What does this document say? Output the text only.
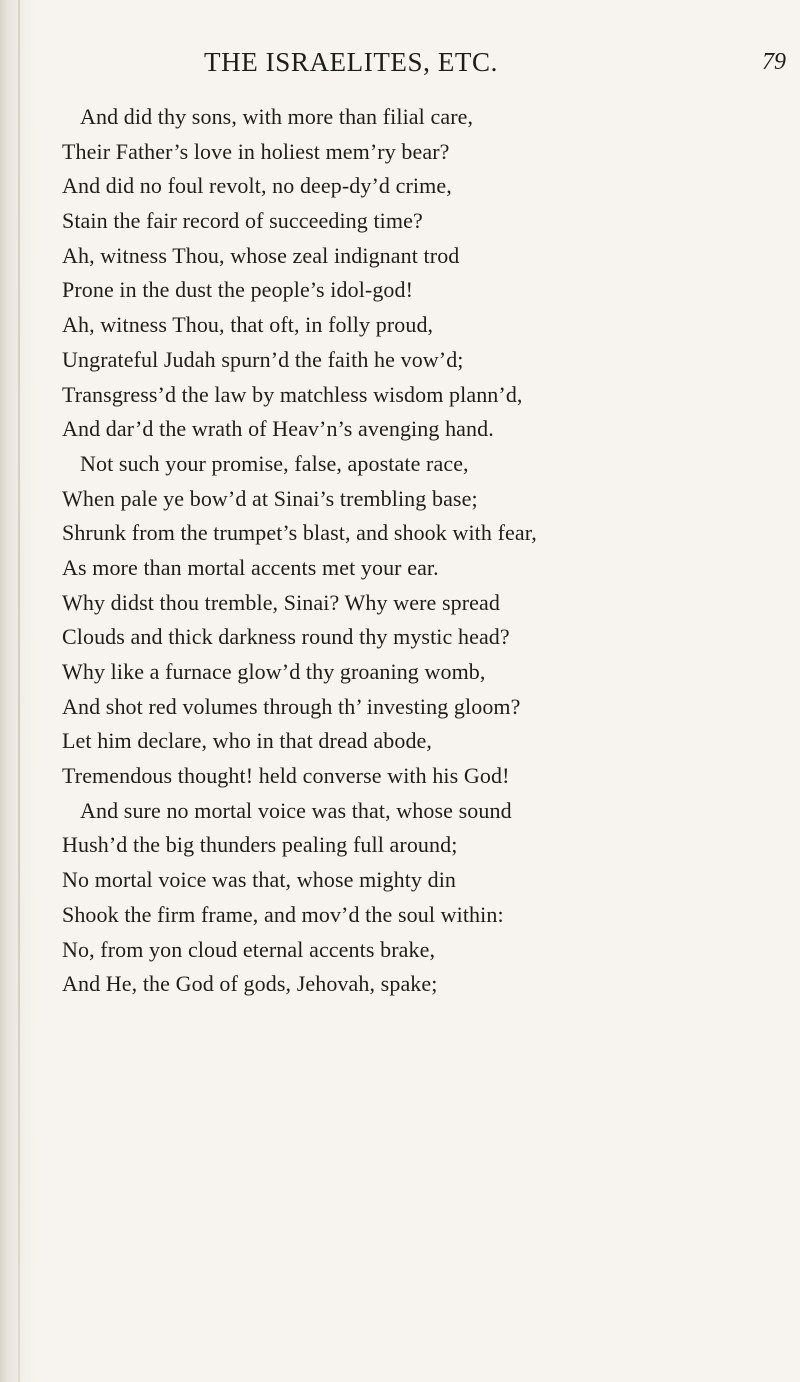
THE ISRAELITES, ETC.	79
And did thy sons, with more than filial care,
Their Father’s love in holiest mem’ry bear?
And did no foul revolt, no deep-dy’d crime,
Stain the fair record of succeeding time?
Ah, witness Thou, whose zeal indignant trod
Prone in the dust the people’s idol-god!
Ah, witness Thou, that oft, in folly proud,
Ungrateful Judah spurn’d the faith he vow’d;
Transgress’d the law by matchless wisdom plann’d,
And dar’d the wrath of Heav’n’s avenging hand.
Not such your promise, false, apostate race,
When pale ye bow’d at Sinai’s trembling base;
Shrunk from the trumpet’s blast, and shook with fear,
As more than mortal accents met your ear.
Why didst thou tremble, Sinai? Why were spread
Clouds and thick darkness round thy mystic head?
Why like a furnace glow’d thy groaning womb,
And shot red volumes through th’ investing gloom?
Let him declare, who in that dread abode,
Tremendous thought! held converse with his God!
And sure no mortal voice was that, whose sound
Hush’d the big thunders pealing full around;
No mortal voice was that, whose mighty din
Shook the firm frame, and mov’d the soul within:
No, from yon cloud eternal accents brake,
And He, the God of gods, Jehovah, spake;
